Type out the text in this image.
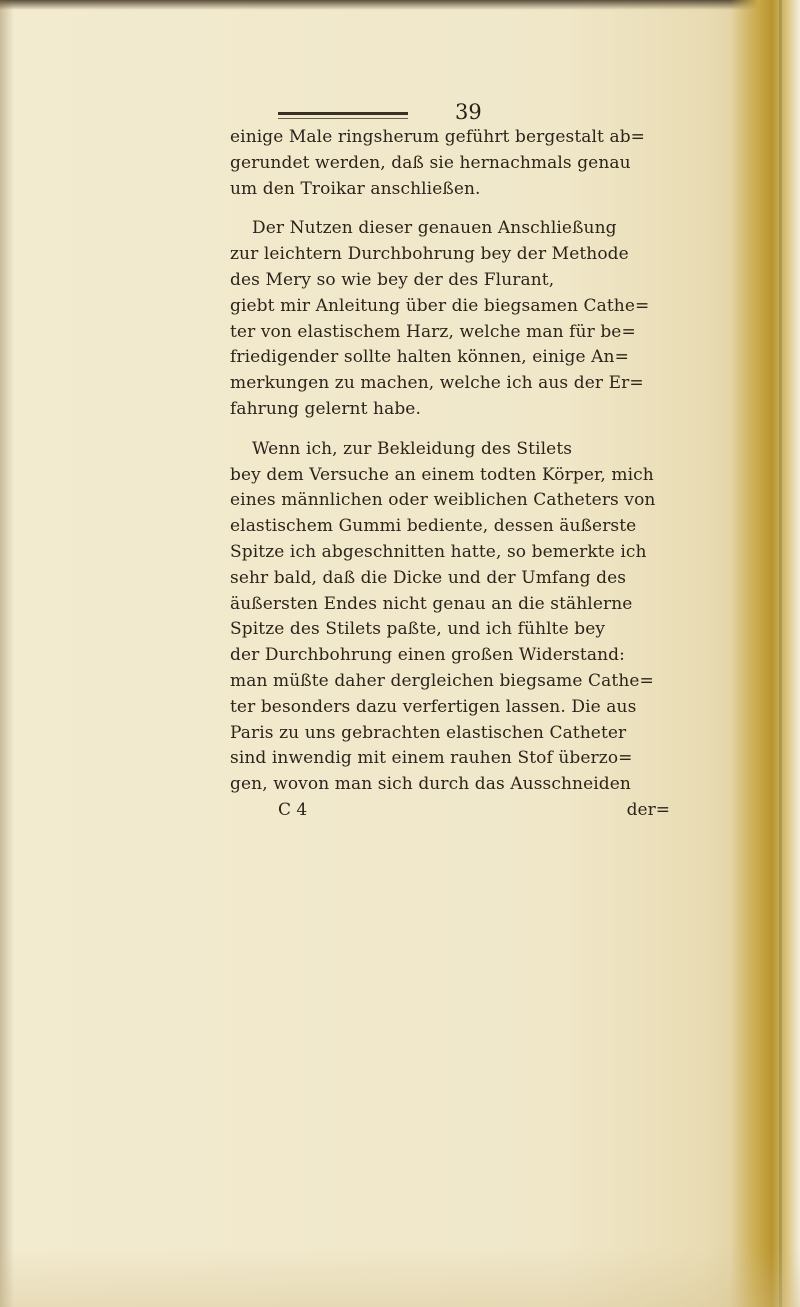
39
einige Male ringsherum geführt bergestalt ab=
gerundet werden, daß sie hernachmals genau
um den Troikar anschließen.
Der Nutzen dieser genauen Anschließung
zur leichtern Durchbohrung bey der Methode
des Mery so wie bey der des Flurant,
giebt mir Anleitung über die biegsamen Cathe=
ter von elastischem Harz, welche man für be=
friedigender sollte halten können, einige An=
merkungen zu machen, welche ich aus der Er=
fahrung gelernt habe.
Wenn ich, zur Bekleidung des Stilets
bey dem Versuche an einem todten Körper, mich
eines männlichen oder weiblichen Catheters von
elastischem Gummi bediente, dessen äußerste
Spitze ich abgeschnitten hatte, so bemerkte ich
sehr bald, daß die Dicke und der Umfang des
äußersten Endes nicht genau an die stählerne
Spitze des Stilets paßte, und ich fühlte bey
der Durchbohrung einen großen Widerstand:
man müßte daher dergleichen biegsame Cathe=
ter besonders dazu verfertigen lassen. Die aus
Paris zu uns gebrachten elastischen Catheter
sind inwendig mit einem rauhen Stof überzo=
gen, wovon man sich durch das Ausschneiden
C 4	der=
